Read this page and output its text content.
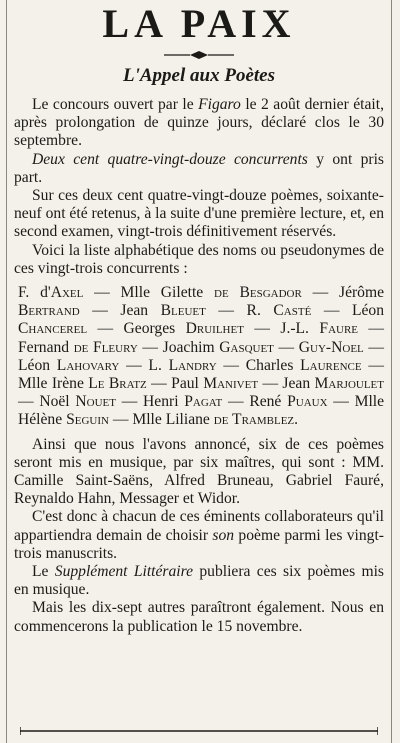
LA PAIX
L'Appel aux Poètes

Le concours ouvert par le Figaro le 2 août dernier était, après prolongation de quinze jours, déclaré clos le 30 septembre.

Deux cent quatre-vingt-douze concurrents y ont pris part.

Sur ces deux cent quatre-vingt-douze poèmes, soixante-neuf ont été retenus, à la suite d'une première lecture, et, en second examen, vingt-trois définitivement réservés.

Voici la liste alphabétique des noms ou pseudonymes de ces vingt-trois concurrents :

F. d'Axel — Mlle Gilette de Besgador — Jérôme Bertrand — Jean Bleuet — R. Casté — Léon Chancerel — Georges Druilhet — J.-L. Faure — Fernand de Fleury — Joachim Gasquet — Guy-Noel — Léon Lahovary — L. Landry — Charles Laurence — Mlle Irène Le Bratz — Paul Manivet — Jean Marjoulet — Noël Nouet — Henri Pagat — René Puaux — Mlle Hélène Seguin — Mlle Liliane de Tramblez.

Ainsi que nous l'avons annoncé, six de ces poèmes seront mis en musique, par six maîtres, qui sont : MM. Camille Saint-Saëns, Alfred Bruneau, Gabriel Fauré, Reynaldo Hahn, Messager et Widor.

C'est donc à chacun de ces éminents collaborateurs qu'il appartiendra demain de choisir son poème parmi les vingt-trois manuscrits.

Le Supplément Littéraire publiera ces six poèmes mis en musique.

Mais les dix-sept autres paraîtront également. Nous en commencerons la publication le 15 novembre.
